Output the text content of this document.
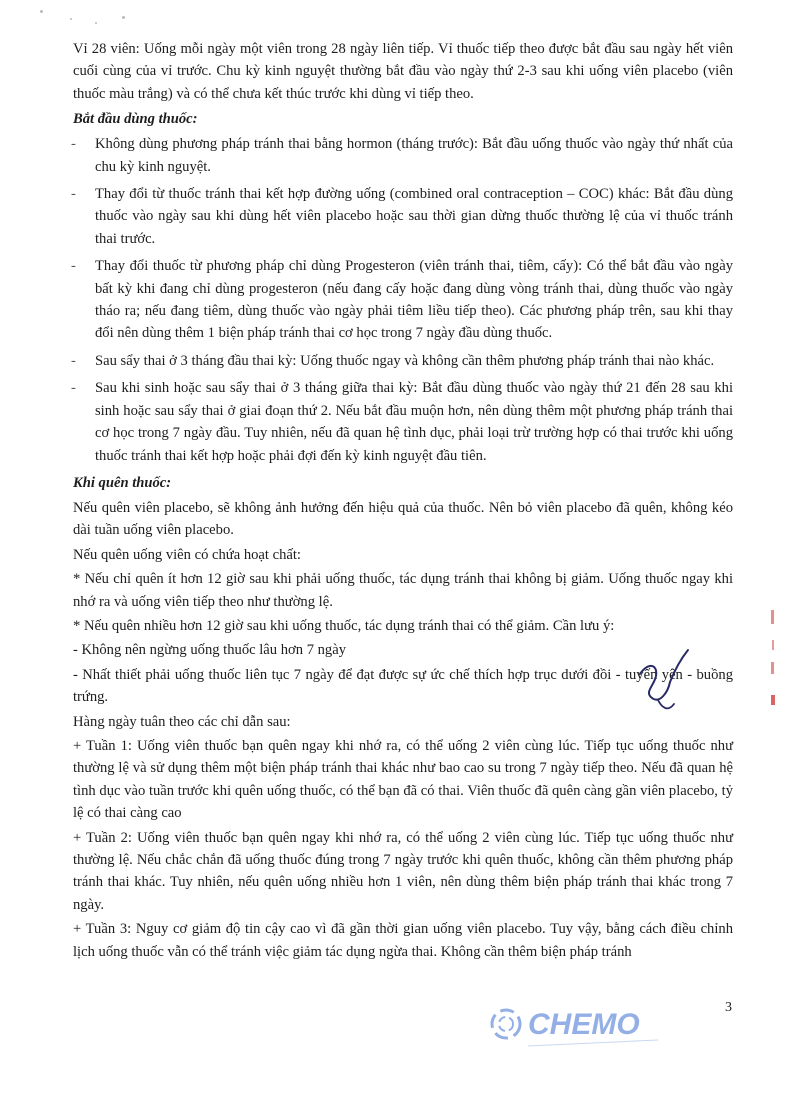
Vỉ 28 viên: Uống mỗi ngày một viên trong 28 ngày liên tiếp. Vỉ thuốc tiếp theo được bắt đầu sau ngày hết viên cuối cùng của vỉ trước. Chu kỳ kinh nguyệt thường bắt đầu vào ngày thứ 2-3 sau khi uống viên placebo (viên thuốc màu trắng) và có thể chưa kết thúc trước khi dùng vỉ tiếp theo.

Bắt đầu dùng thuốc:
- Không dùng phương pháp tránh thai bằng hormon (tháng trước): Bắt đầu uống thuốc vào ngày thứ nhất của chu kỳ kinh nguyệt.
- Thay đổi từ thuốc tránh thai kết hợp đường uống (combined oral contraception – COC) khác: Bắt đầu dùng thuốc vào ngày sau khi dùng hết viên placebo hoặc sau thời gian dừng thuốc thường lệ của vỉ thuốc tránh thai trước.
- Thay đổi thuốc từ phương pháp chỉ dùng Progesteron (viên tránh thai, tiêm, cấy): Có thể bắt đầu vào ngày bất kỳ khi đang chỉ dùng progesteron (nếu đang cấy hoặc đang dùng vòng tránh thai, dùng thuốc vào ngày tháo ra; nếu đang tiêm, dùng thuốc vào ngày phải tiêm liều tiếp theo). Các phương pháp trên, sau khi thay đổi nên dùng thêm 1 biện pháp tránh thai cơ học trong 7 ngày đầu dùng thuốc.
- Sau sẩy thai ở 3 tháng đầu thai kỳ: Uống thuốc ngay và không cần thêm phương pháp tránh thai nào khác.
- Sau khi sinh hoặc sau sẩy thai ở 3 tháng giữa thai kỳ: Bắt đầu dùng thuốc vào ngày thứ 21 đến 28 sau khi sinh hoặc sau sẩy thai ở giai đoạn thứ 2. Nếu bắt đầu muộn hơn, nên dùng thêm một phương pháp tránh thai cơ học trong 7 ngày đầu. Tuy nhiên, nếu đã quan hệ tình dục, phải loại trừ trường hợp có thai trước khi uống thuốc tránh thai kết hợp hoặc phải đợi đến kỳ kinh nguyệt đầu tiên.
Khi quên thuốc:

Nếu quên viên placebo, sẽ không ảnh hưởng đến hiệu quả của thuốc. Nên bỏ viên placebo đã quên, không kéo dài tuần uống viên placebo.

Nếu quên uống viên có chứa hoạt chất:

* Nếu chỉ quên ít hơn 12 giờ sau khi phải uống thuốc, tác dụng tránh thai không bị giảm. Uống thuốc ngay khi nhớ ra và uống viên tiếp theo như thường lệ.

* Nếu quên nhiều hơn 12 giờ sau khi uống thuốc, tác dụng tránh thai có thể giảm. Cần lưu ý:

- Không nên ngừng uống thuốc lâu hơn 7 ngày

- Nhất thiết phải uống thuốc liên tục 7 ngày để đạt được sự ức chế thích hợp trục dưới đồi - tuyến yên - buồng trứng.

Hàng ngày tuân theo các chỉ dẫn sau:

+ Tuần 1: Uống viên thuốc bạn quên ngay khi nhớ ra, có thể uống 2 viên cùng lúc. Tiếp tục uống thuốc như thường lệ và sử dụng thêm một biện pháp tránh thai khác như bao cao su trong 7 ngày tiếp theo. Nếu đã quan hệ tình dục vào tuần trước khi quên uống thuốc, có thể bạn đã có thai. Viên thuốc đã quên càng gần viên placebo, tỷ lệ có thai càng cao

+ Tuần 2: Uống viên thuốc bạn quên ngay khi nhớ ra, có thể uống 2 viên cùng lúc. Tiếp tục uống thuốc như thường lệ. Nếu chắc chắn đã uống thuốc đúng trong 7 ngày trước khi quên thuốc, không cần thêm phương pháp tránh thai khác. Tuy nhiên, nếu quên uống nhiều hơn 1 viên, nên dùng thêm biện pháp tránh thai khác trong 7 ngày.

+ Tuần 3: Nguy cơ giảm độ tin cậy cao vì đã gần thời gian uống viên placebo. Tuy vậy, bằng cách điều chỉnh lịch uống thuốc vẫn có thể tránh việc giảm tác dụng ngừa thai. Không cần thêm biện pháp tránh

CHEMO
3
